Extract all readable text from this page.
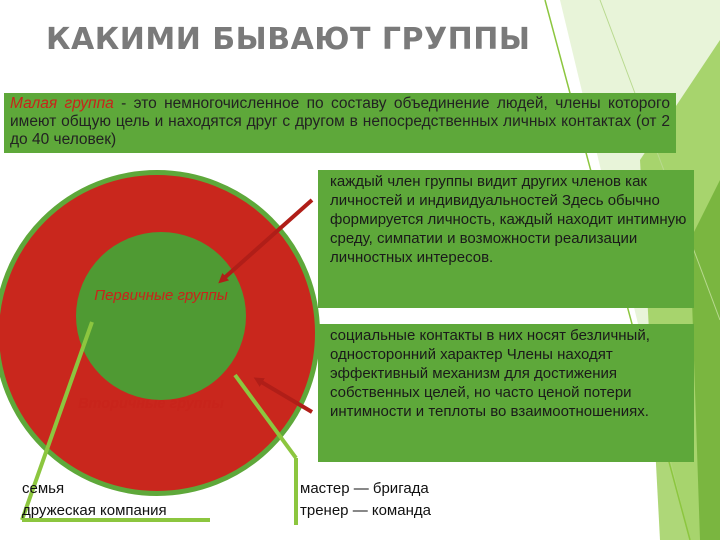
КАКИМИ БЫВАЮТ ГРУППЫ
Малая группа - это немногочисленное по составу объединение людей, члены которого имеют общую цель и находятся друг с другом в непосредственных личных контактах (от 2 до 40 человек)
Первичные группы
Вторичные группы
каждый член группы видит других членов как личностей и индивидуальностей Здесь обычно формируется личность, каждый находит интимную среду, симпатии и возможности реализации личностных интересов.
социальные контакты в них носят безличный, односторонний характер Члены находят эффективный механизм для достижения собственных целей, но часто ценой потери интимности и теплоты во взаимоотношениях.

семья
дружеская компания

мастер — бригада
тренер — команда
